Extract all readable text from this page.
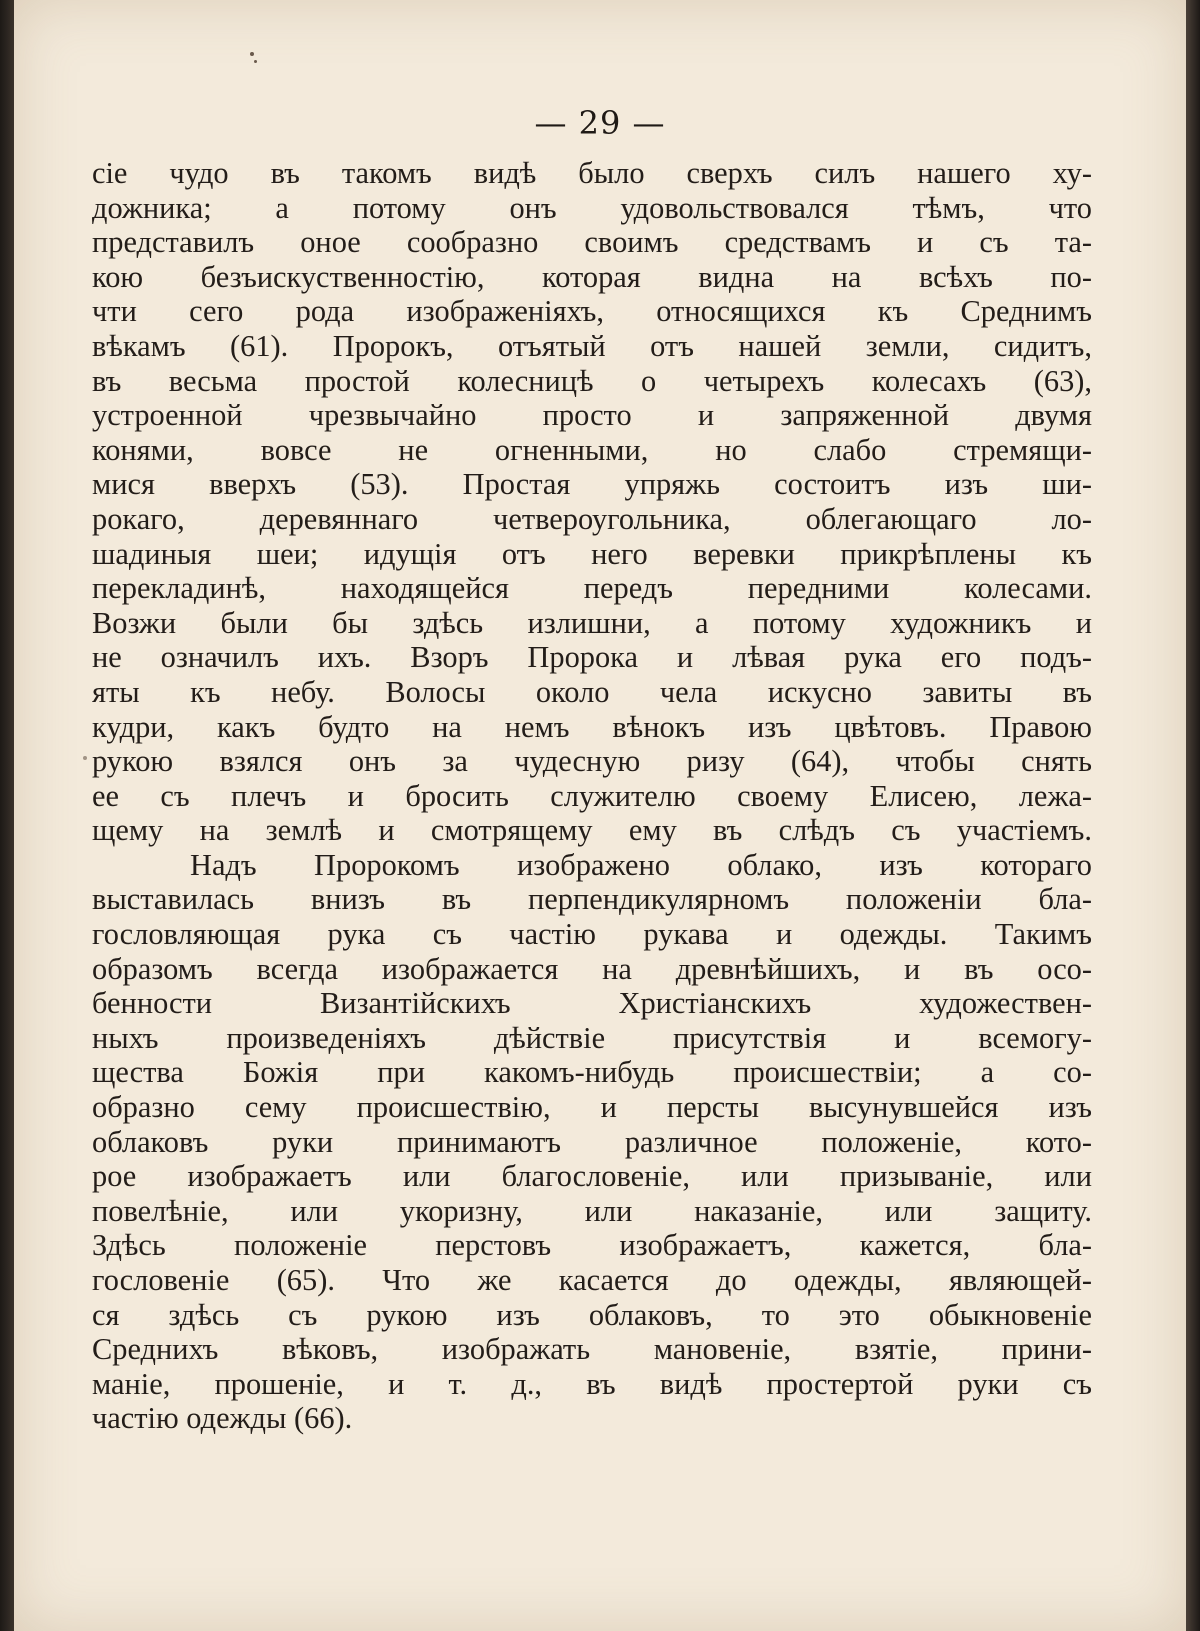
— 29 —
сіе чудо въ такомъ видѣ было сверхъ силъ нашего ху-
дожника; а потому онъ удовольствовался тѣмъ, что
представилъ оное сообразно своимъ средствамъ и съ та-
кою безъискуственностію, которая видна на всѣхъ по-
чти сего рода изображеніяхъ, относящихся къ Среднимъ
вѣкамъ (61). Пророкъ, отъятый отъ нашей земли, сидитъ,
въ весьма простой колесницѣ о четырехъ колесахъ (63),
устроенной чрезвычайно просто и запряженной двумя
конями, вовсе не огненными, но слабо стремящи-
мися вверхъ (53). Простая упряжь состоитъ изъ ши-
рокаго, деревяннаго четвероугольника, облегающаго ло-
шадиныя шеи; идущія отъ него веревки прикрѣплены къ
перекладинѣ, находящейся передъ передними колесами.
Возжи были бы здѣсь излишни, а потому художникъ и
не означилъ ихъ. Взоръ Пророка и лѣвая рука его подъ-
яты къ небу. Волосы около чела искусно завиты въ
кудри, какъ будто на немъ вѣнокъ изъ цвѣтовъ. Правою
рукою взялся онъ за чудесную ризу (64), чтобы снять
ее съ плечъ и бросить служителю своему Елисею, лежа-
щему на землѣ и смотрящему ему въ слѣдъ съ участіемъ.
Надъ Пророкомъ изображено облако, изъ котораго
выставилась внизъ въ перпендикулярномъ положеніи бла-
гословляющая рука съ частію рукава и одежды. Такимъ
образомъ всегда изображается на древнѣйшихъ, и въ осо-
бенности Византійскихъ Христіанскихъ художествен-
ныхъ произведеніяхъ дѣйствіе присутствія и всемогу-
щества Божія при какомъ-нибудь происшествіи; а со-
образно сему происшествію, и персты высунувшейся изъ
облаковъ руки принимаютъ различное положеніе, кото-
рое изображаетъ или благословеніе, или призываніе, или
повелѣніе, или укоризну, или наказаніе, или защиту.
Здѣсь положеніе перстовъ изображаетъ, кажется, бла-
гословеніе (65). Что же касается до одежды, являющей-
ся здѣсь съ рукою изъ облаковъ, то это обыкновеніе
Среднихъ вѣковъ, изображать мановеніе, взятіе, прини-
маніе, прошеніе, и т. д., въ видѣ простертой руки съ
частію одежды (66).
